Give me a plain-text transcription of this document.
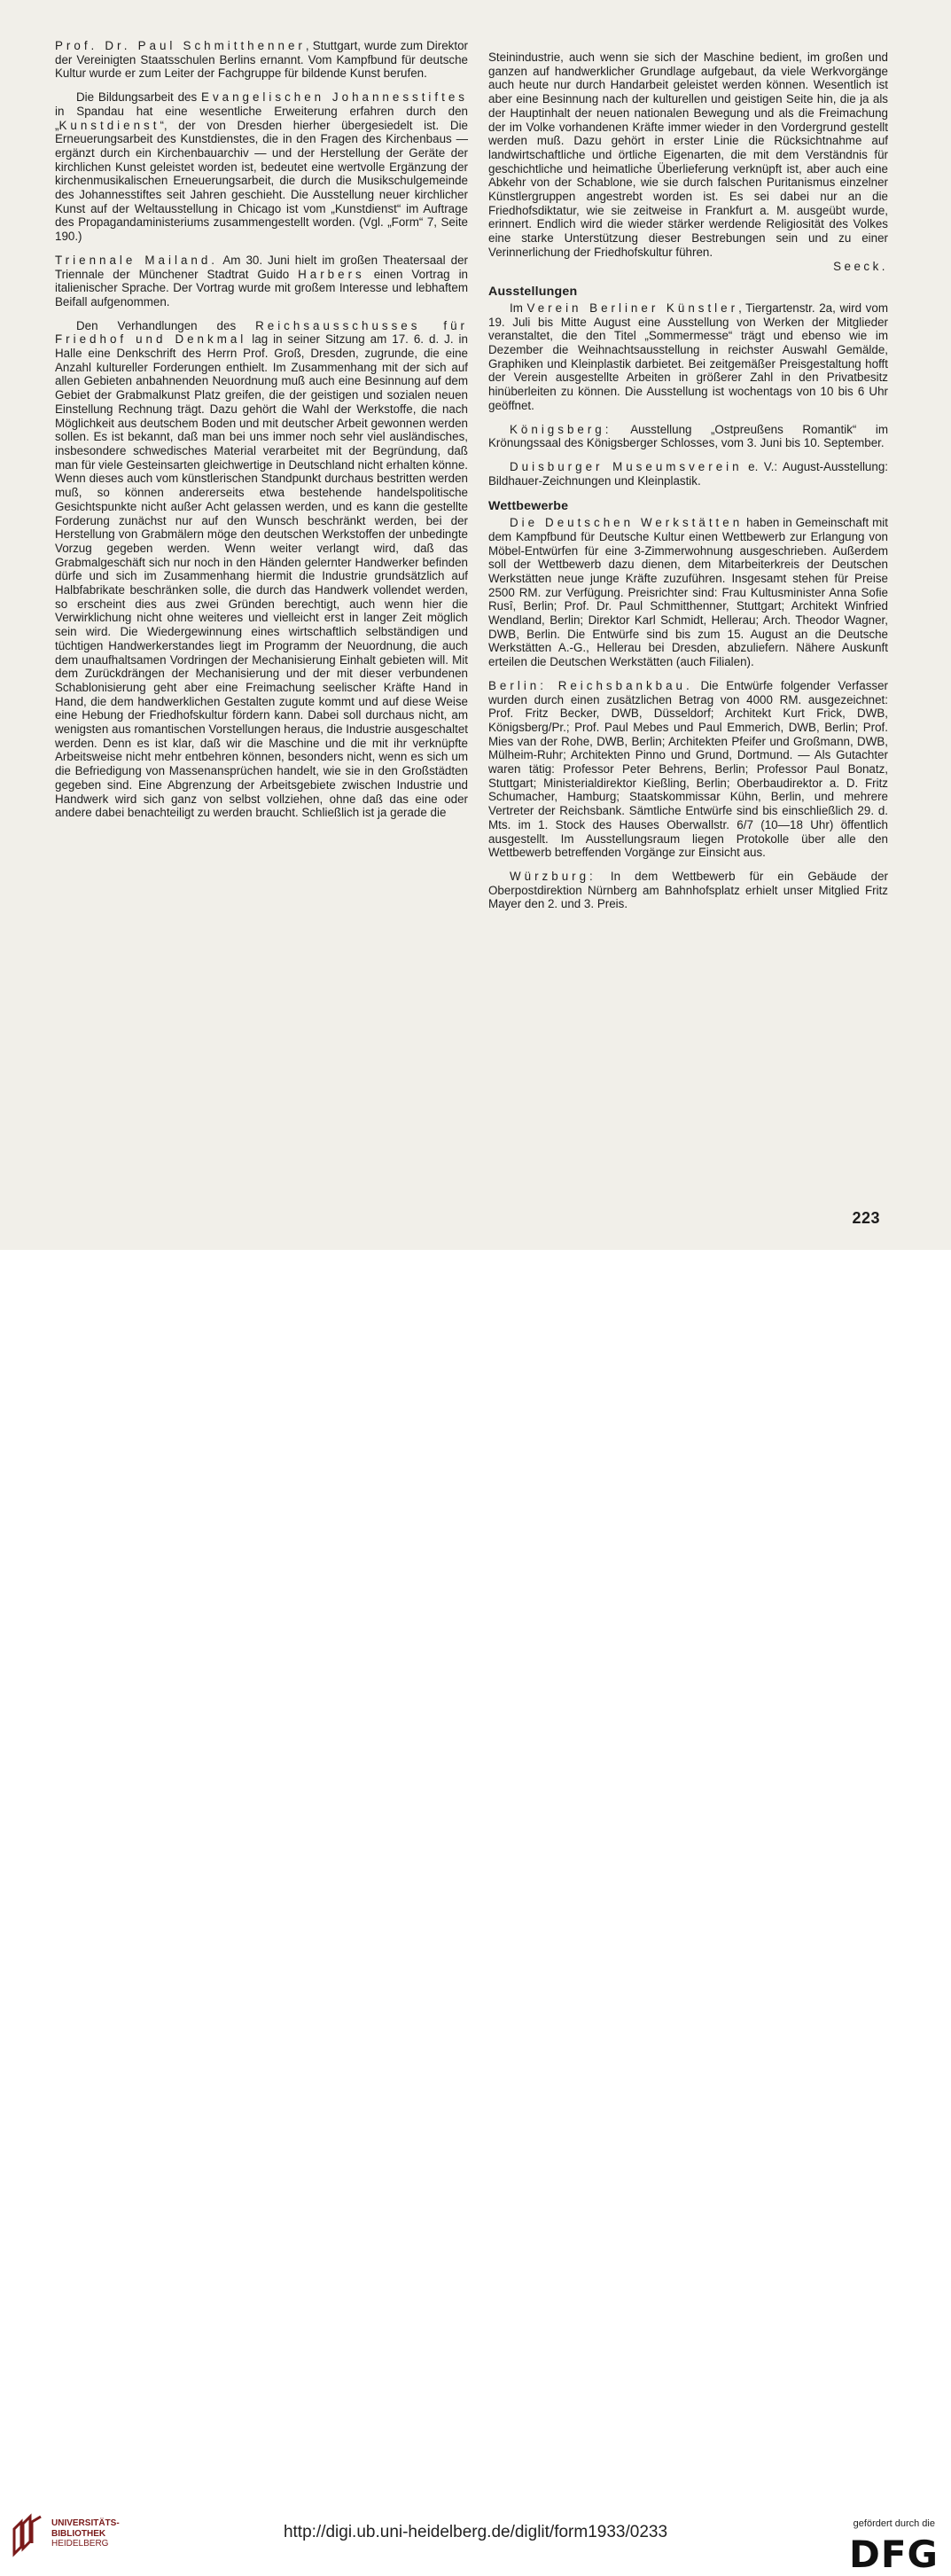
Prof. Dr. Paul Schmitthenner, Stuttgart, wurde zum Direktor der Vereinigten Staatsschulen Berlins ernannt. Vom Kampfbund für deutsche Kultur wurde er zum Leiter der Fachgruppe für bildende Kunst berufen.

Die Bildungsarbeit des Evangelischen Johannesstiftes in Spandau hat eine wesentliche Erweiterung erfahren durch den „Kunstdienst“, der von Dresden hierher übergesiedelt ist. Die Erneuerungsarbeit des Kunstdienstes, die in den Fragen des Kirchenbaus — ergänzt durch ein Kirchenbauarchiv — und der Herstellung der Geräte der kirchlichen Kunst geleistet worden ist, bedeutet eine wertvolle Ergänzung der kirchenmusikalischen Erneuerungsarbeit, die durch die Musikschulgemeinde des Johannesstiftes seit Jahren geschieht. Die Ausstellung neuer kirchlicher Kunst auf der Weltausstellung in Chicago ist vom „Kunstdienst“ im Auftrage des Propagandaministeriums zusammengestellt worden. (Vgl. „Form“ 7, Seite 190.)

Triennale Mailand. Am 30. Juni hielt im großen Theatersaal der Triennale der Münchener Stadtrat Guido Harbers einen Vortrag in italienischer Sprache. Der Vortrag wurde mit großem Interesse und lebhaftem Beifall aufgenommen.

Den Verhandlungen des Reichsausschusses für Friedhof und Denkmal lag in seiner Sitzung am 17. 6. d. J. in Halle eine Denkschrift des Herrn Prof. Groß, Dresden, zugrunde, die eine Anzahl kultureller Forderungen enthielt. Im Zusammenhang mit der sich auf allen Gebieten anbahnenden Neuordnung muß auch eine Besinnung auf dem Gebiet der Grabmalkunst Platz greifen, die der geistigen und sozialen neuen Einstellung Rechnung trägt. Dazu gehört die Wahl der Werkstoffe, die nach Möglichkeit aus deutschem Boden und mit deutscher Arbeit gewonnen werden sollen. Es ist bekannt, daß man bei uns immer noch sehr viel ausländisches, insbesondere schwedisches Material verarbeitet mit der Begründung, daß man für viele Gesteinsarten gleichwertige in Deutschland nicht erhalten könne. Wenn dieses auch vom künstlerischen Standpunkt durchaus bestritten werden muß, so können andererseits etwa bestehende handelspolitische Gesichtspunkte nicht außer Acht gelassen werden, und es kann die gestellte Forderung zunächst nur auf den Wunsch beschränkt werden, bei der Herstellung von Grabmälern möge den deutschen Werkstoffen der unbedingte Vorzug gegeben werden. Wenn weiter verlangt wird, daß das Grabmalgeschäft sich nur noch in den Händen gelernter Handwerker befinden dürfe und sich im Zusammenhang hiermit die Industrie grundsätzlich auf Halbfabrikate beschränken solle, die durch das Handwerk vollendet werden, so erscheint dies aus zwei Gründen berechtigt, auch wenn hier die Verwirklichung nicht ohne weiteres und vielleicht erst in langer Zeit möglich sein wird. Die Wiedergewinnung eines wirtschaftlich selbständigen und tüchtigen Handwerkerstandes liegt im Programm der Neuordnung, die auch dem unaufhaltsamen Vordringen der Mechanisierung Einhalt gebieten will. Mit dem Zurückdrängen der Mechanisierung und der mit dieser verbundenen Schablonisierung geht aber eine Freimachung seelischer Kräfte Hand in Hand, die dem handwerklichen Gestalten zugute kommt und auf diese Weise eine Hebung der Friedhofskultur fördern kann. Dabei soll durchaus nicht, am wenigsten aus romantischen Vorstellungen heraus, die Industrie ausgeschaltet werden. Denn es ist klar, daß wir die Maschine und die mit ihr verknüpfte Arbeitsweise nicht mehr entbehren können, besonders nicht, wenn es sich um die Befriedigung von Massenansprüchen handelt, wie sie in den Großstädten gegeben sind. Eine Abgrenzung der Arbeitsgebiete zwischen Industrie und Handwerk wird sich ganz von selbst vollziehen, ohne daß das eine oder andere dabei benachteiligt zu werden braucht. Schließlich ist ja gerade die

Steinindustrie, auch wenn sie sich der Maschine bedient, im großen und ganzen auf handwerklicher Grundlage aufgebaut, da viele Werkvorgänge auch heute nur durch Handarbeit geleistet werden können. Wesentlich ist aber eine Besinnung nach der kulturellen und geistigen Seite hin, die ja als der Hauptinhalt der neuen nationalen Bewegung und als die Freimachung der im Volke vorhandenen Kräfte immer wieder in den Vordergrund gestellt werden muß. Dazu gehört in erster Linie die Rücksichtnahme auf landwirtschaftliche und örtliche Eigenarten, die mit dem Verständnis für geschichtliche und heimatliche Überlieferung verknüpft ist, aber auch eine Abkehr von der Schablone, wie sie durch falschen Puritanismus einzelner Künstlergruppen angestrebt worden ist. Es sei dabei nur an die Friedhofsdiktatur, wie sie zeitweise in Frankfurt a. M. ausgeübt wurde, erinnert. Endlich wird die wieder stärker werdende Religiosität des Volkes eine starke Unterstützung dieser Bestrebungen sein und zu einer Verinnerlichung der Friedhofskultur führen.
Seeck.

Ausstellungen

Im Verein Berliner Künstler, Tiergartenstr. 2a, wird vom 19. Juli bis Mitte August eine Ausstellung von Werken der Mitglieder veranstaltet, die den Titel „Sommermesse“ trägt und ebenso wie im Dezember die Weihnachtsausstellung in reichster Auswahl Gemälde, Graphiken und Kleinplastik darbietet. Bei zeitgemäßer Preisgestaltung hofft der Verein ausgestellte Arbeiten in größerer Zahl in den Privatbesitz hinüberleiten zu können. Die Ausstellung ist wochentags von 10 bis 6 Uhr geöffnet.

Königsberg: Ausstellung „Ostpreußens Romantik“ im Krönungssaal des Königsberger Schlosses, vom 3. Juni bis 10. September.

Duisburger Museumsverein e. V.: August-Ausstellung: Bildhauer-Zeichnungen und Kleinplastik.

Wettbewerbe

Die Deutschen Werkstätten haben in Gemeinschaft mit dem Kampfbund für Deutsche Kultur einen Wettbewerb zur Erlangung von Möbel-Entwürfen für eine 3-Zimmerwohnung ausgeschrieben. Außerdem soll der Wettbewerb dazu dienen, dem Mitarbeiterkreis der Deutschen Werkstätten neue junge Kräfte zuzuführen. Insgesamt stehen für Preise 2500 RM. zur Verfügung. Preisrichter sind: Frau Kultusminister Anna Sofie Rusî, Berlin; Prof. Dr. Paul Schmitthenner, Stuttgart; Architekt Winfried Wendland, Berlin; Direktor Karl Schmidt, Hellerau; Arch. Theodor Wagner, DWB, Berlin. Die Entwürfe sind bis zum 15. August an die Deutsche Werkstätten A.-G., Hellerau bei Dresden, abzuliefern. Nähere Auskunft erteilen die Deutschen Werkstätten (auch Filialen).

Berlin: Reichsbankbau. Die Entwürfe folgender Verfasser wurden durch einen zusätzlichen Betrag von 4000 RM. ausgezeichnet: Prof. Fritz Becker, DWB, Düsseldorf; Architekt Kurt Frick, DWB, Königsberg/Pr.; Prof. Paul Mebes und Paul Emmerich, DWB, Berlin; Prof. Mies van der Rohe, DWB, Berlin; Architekten Pfeifer und Großmann, DWB, Mülheim-Ruhr; Architekten Pinno und Grund, Dortmund. — Als Gutachter waren tätig: Professor Peter Behrens, Berlin; Professor Paul Bonatz, Stuttgart; Ministerialdirektor Kießling, Berlin; Oberbaudirektor a. D. Fritz Schumacher, Hamburg; Staatskommissar Kühn, Berlin, und mehrere Vertreter der Reichsbank. Sämtliche Entwürfe sind bis einschließlich 29. d. Mts. im 1. Stock des Hauses Oberwallstr. 6/7 (10—18 Uhr) öffentlich ausgestellt. Im Ausstellungsraum liegen Protokolle über alle den Wettbewerb betreffenden Vorgänge zur Einsicht aus.

Würzburg: In dem Wettbewerb für ein Gebäude der Oberpostdirektion Nürnberg am Bahnhofsplatz erhielt unser Mitglied Fritz Mayer den 2. und 3. Preis.

223
UNIVERSITÄTS-
BIBLIOTHEK
HEIDELBERG
http://digi.ub.uni-heidelberg.de/diglit/form1933/0233	gefördert durch die
DFG
